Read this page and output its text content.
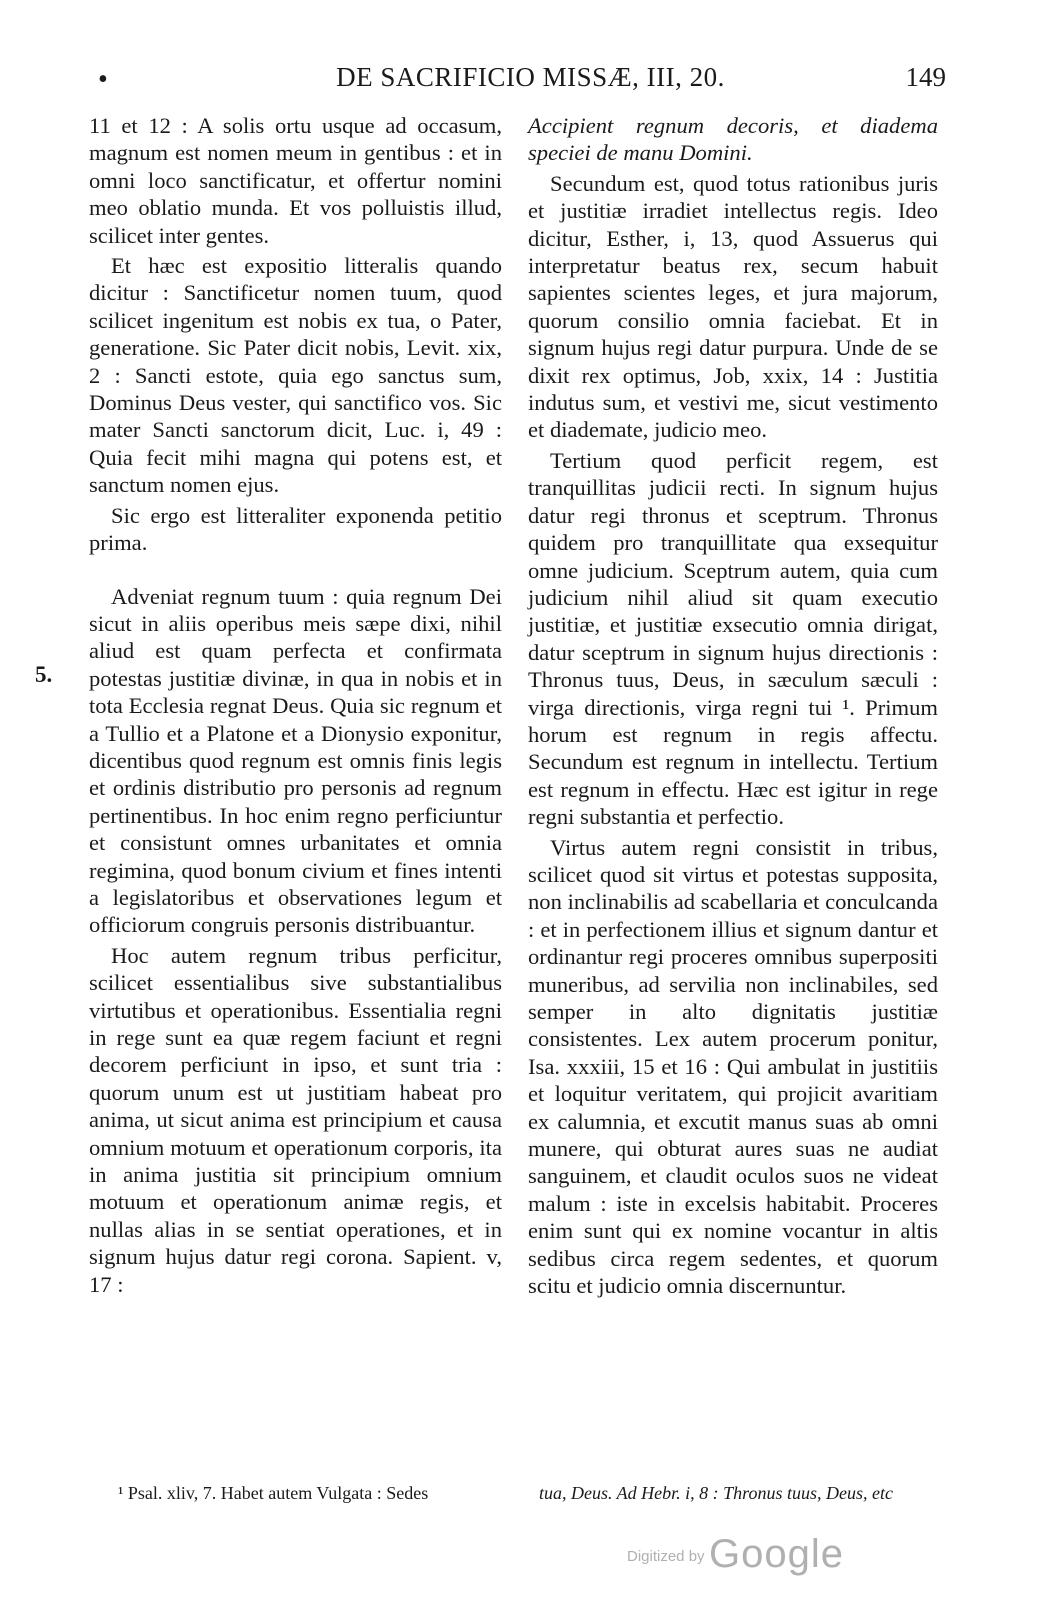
•	DE SACRIFICIO MISSÆ, III, 20.	149
5.

11 et 12 : A solis ortu usque ad occasum, magnum est nomen meum in gentibus : et in omni loco sanctificatur, et offertur nomini meo oblatio munda. Et vos polluistis illud, scilicet inter gentes.

Et hæc est expositio litteralis quando dicitur : Sanctificetur nomen tuum, quod scilicet ingenitum est nobis ex tua, o Pater, generatione. Sic Pater dicit nobis, Levit. xix, 2 : Sancti estote, quia ego sanctus sum, Dominus Deus vester, qui sanctifico vos. Sic mater Sancti sanctorum dicit, Luc. i, 49 : Quia fecit mihi magna qui potens est, et sanctum nomen ejus.

Sic ergo est litteraliter exponenda petitio prima.

Adveniat regnum tuum : quia regnum Dei sicut in aliis operibus meis sæpe dixi, nihil aliud est quam perfecta et confirmata potestas justitiæ divinæ, in qua in nobis et in tota Ecclesia regnat Deus. Quia sic regnum et a Tullio et a Platone et a Dionysio exponitur, dicentibus quod regnum est omnis finis legis et ordinis distributio pro personis ad regnum pertinentibus. In hoc enim regno perficiuntur et consistunt omnes urbanitates et omnia regimina, quod bonum civium et fines intenti a legislatoribus et observationes legum et officiorum congruis personis distribuantur.

Hoc autem regnum tribus perficitur, scilicet essentialibus sive substantialibus virtutibus et operationibus. Essentialia regni in rege sunt ea quæ regem faciunt et regni decorem perficiunt in ipso, et sunt tria : quorum unum est ut justitiam habeat pro anima, ut sicut anima est principium et causa omnium motuum et operationum corporis, ita in anima justitia sit principium omnium motuum et operationum animæ regis, et nullas alias in se sentiat operationes, et in signum hujus datur regi corona. Sapient. v, 17 :

Accipient regnum decoris, et diadema speciei de manu Domini.

Secundum est, quod totus rationibus juris et justitiæ irradiet intellectus regis. Ideo dicitur, Esther, i, 13, quod Assuerus qui interpretatur beatus rex, secum habuit sapientes scientes leges, et jura majorum, quorum consilio omnia faciebat. Et in signum hujus regi datur purpura. Unde de se dixit rex optimus, Job, xxix, 14 : Justitia indutus sum, et vestivi me, sicut vestimento et diademate, judicio meo.

Tertium quod perficit regem, est tranquillitas judicii recti. In signum hujus datur regi thronus et sceptrum. Thronus quidem pro tranquillitate qua exsequitur omne judicium. Sceptrum autem, quia cum judicium nihil aliud sit quam executio justitiæ, et justitiæ exsecutio omnia dirigat, datur sceptrum in signum hujus directionis : Thronus tuus, Deus, in sæculum sæculi : virga directionis, virga regni tui ¹. Primum horum est regnum in regis affectu. Secundum est regnum in intellectu. Tertium est regnum in effectu. Hæc est igitur in rege regni substantia et perfectio.

Virtus autem regni consistit in tribus, scilicet quod sit virtus et potestas supposita, non inclinabilis ad scabellaria et conculcanda : et in perfectionem illius et signum dantur et ordinantur regi proceres omnibus superpositi muneribus, ad servilia non inclinabiles, sed semper in alto dignitatis justitiæ consistentes. Lex autem procerum ponitur, Isa. xxxiii, 15 et 16 : Qui ambulat in justitiis et loquitur veritatem, qui projicit avaritiam ex calumnia, et excutit manus suas ab omni munere, qui obturat aures suas ne audiat sanguinem, et claudit oculos suos ne videat malum : iste in excelsis habitabit. Proceres enim sunt qui ex nomine vocantur in altis sedibus circa regem sedentes, et quorum scitu et judicio omnia discernuntur.

¹ Psal. xliv, 7. Habet autem Vulgata : Sedes	tua, Deus. Ad Hebr. i, 8 : Thronus tuus, Deus, etc
Digitized by Google
